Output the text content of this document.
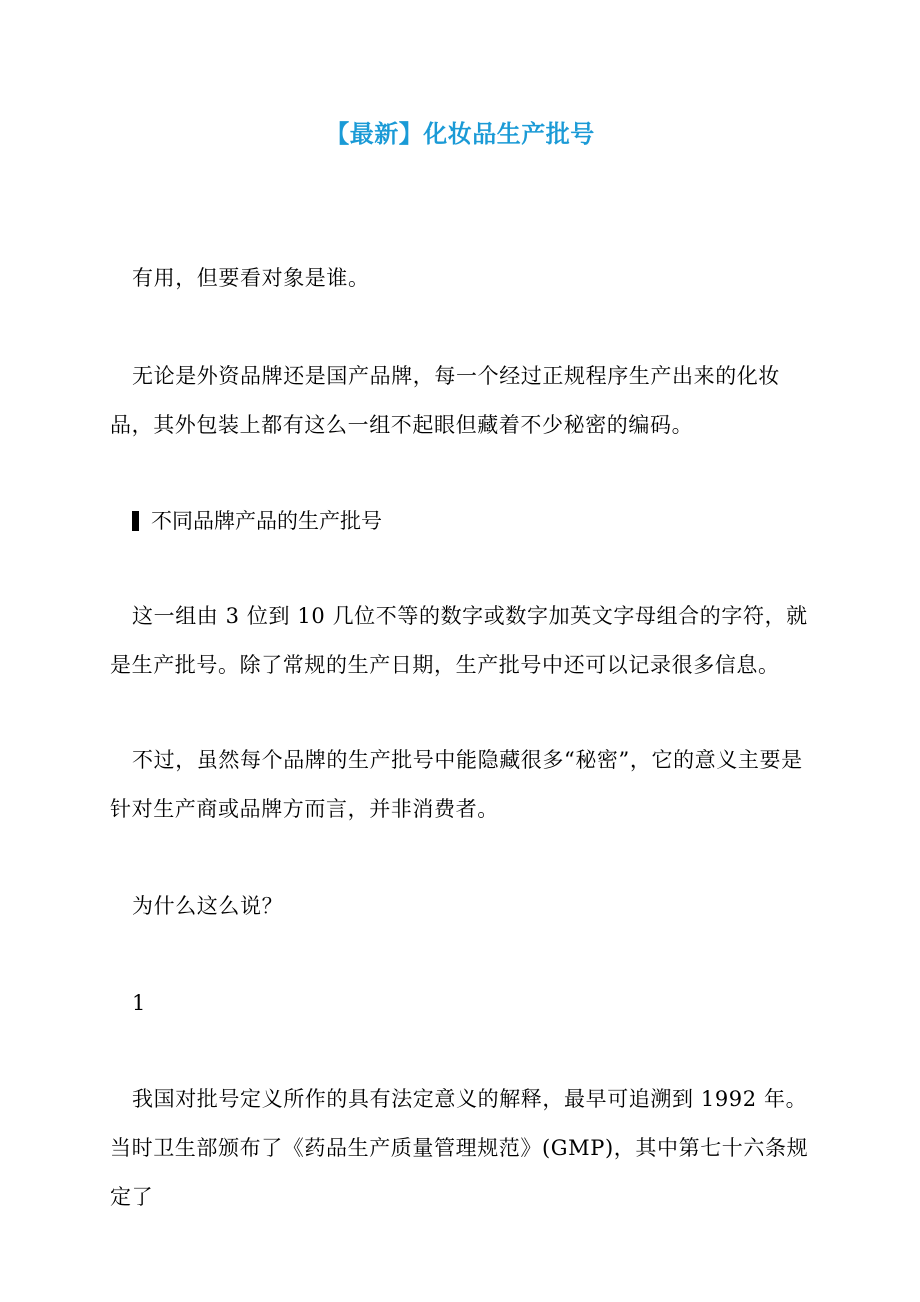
【最新】化妆品生产批号
有用，但要看对象是谁。
无论是外资品牌还是国产品牌，每一个经过正规程序生产出来的化妆品，其外包装上都有这么一组不起眼但藏着不少秘密的编码。
不同品牌产品的生产批号
这一组由 3 位到 10 几位不等的数字或数字加英文字母组合的字符，就是生产批号。除了常规的生产日期，生产批号中还可以记录很多信息。
不过，虽然每个品牌的生产批号中能隐藏很多“秘密”，它的意义主要是针对生产商或品牌方而言，并非消费者。
为什么这么说？
1
我国对批号定义所作的具有法定意义的解释，最早可追溯到 1992 年。当时卫生部颁布了《药品生产质量管理规范》(GMP)，其中第七十六条规定了
